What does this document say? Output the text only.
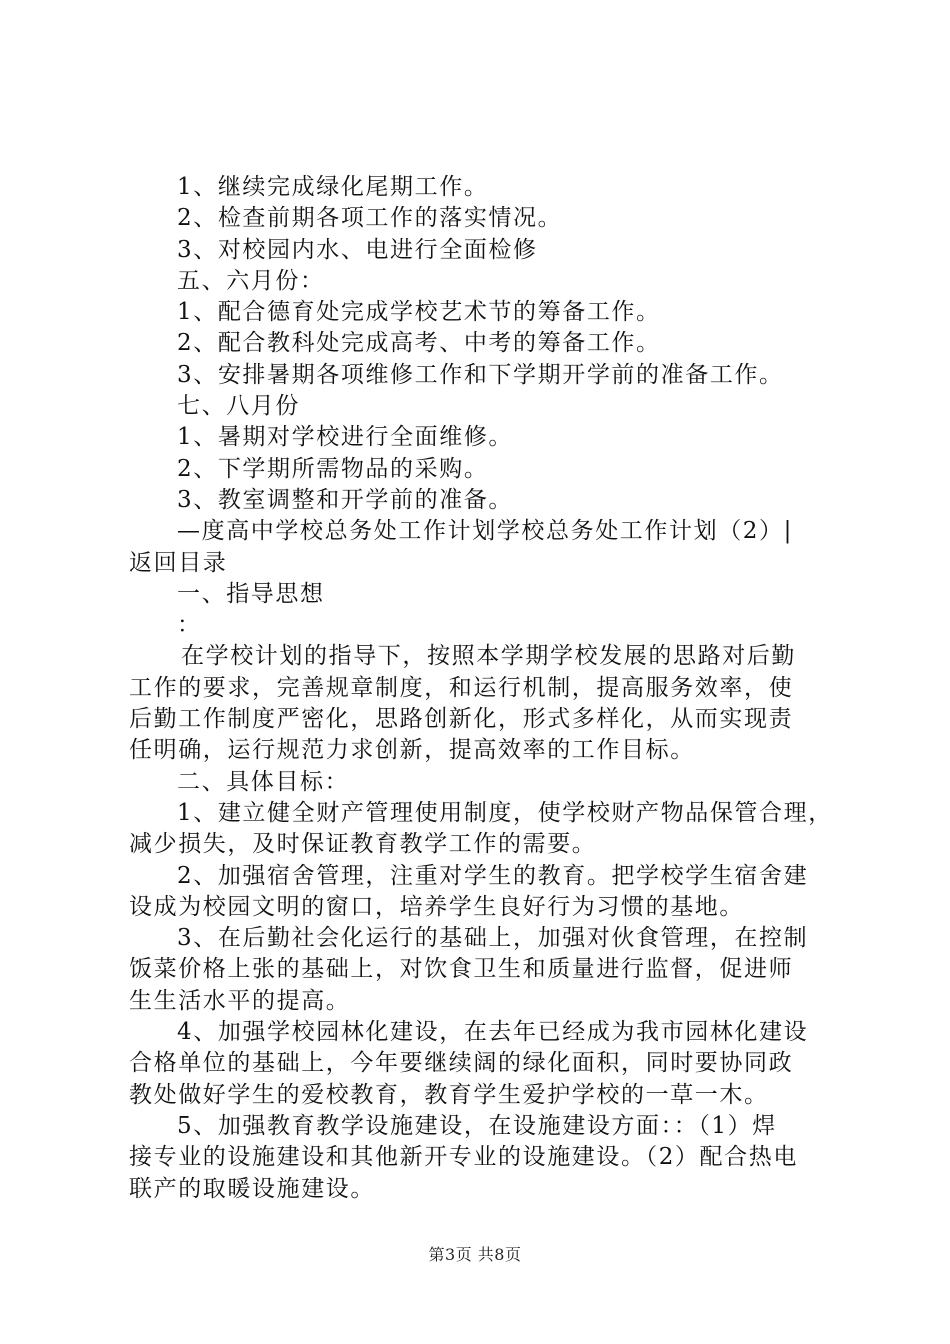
1、继续完成绿化尾期工作。

2、检查前期各项工作的落实情况。

3、对校园内水、电进行全面检修

五、六月份：

1、配合德育处完成学校艺术节的筹备工作。

2、配合教科处完成高考、中考的筹备工作。

3、安排暑期各项维修工作和下学期开学前的准备工作。

七、八月份

1、暑期对学校进行全面维修。

2、下学期所需物品的采购。

3、教室调整和开学前的准备。

—度高中学校总务处工作计划学校总务处工作计划（2）|

返回目录

一、指导思想

：

在学校计划的指导下，按照本学期学校发展的思路对后勤

工作的要求，完善规章制度，和运行机制，提高服务效率，使

后勤工作制度严密化，思路创新化，形式多样化，从而实现责

任明确，运行规范力求创新，提高效率的工作目标。

二、具体目标：

1、建立健全财产管理使用制度，使学校财产物品保管合理，

减少损失，及时保证教育教学工作的需要。

2、加强宿舍管理，注重对学生的教育。把学校学生宿舍建

设成为校园文明的窗口，培养学生良好行为习惯的基地。

3、在后勤社会化运行的基础上，加强对伙食管理，在控制

饭菜价格上张的基础上，对饮食卫生和质量进行监督，促进师

生生活水平的提高。

4、加强学校园林化建设，在去年已经成为我市园林化建设

合格单位的基础上，今年要继续阔的绿化面积，同时要协同政

教处做好学生的爱校教育，教育学生爱护学校的一草一木。

5、加强教育教学设施建设，在设施建设方面：：（1）焊

接专业的设施建设和其他新开专业的设施建设。（2）配合热电

联产的取暖设施建设。

第3页 共8页
